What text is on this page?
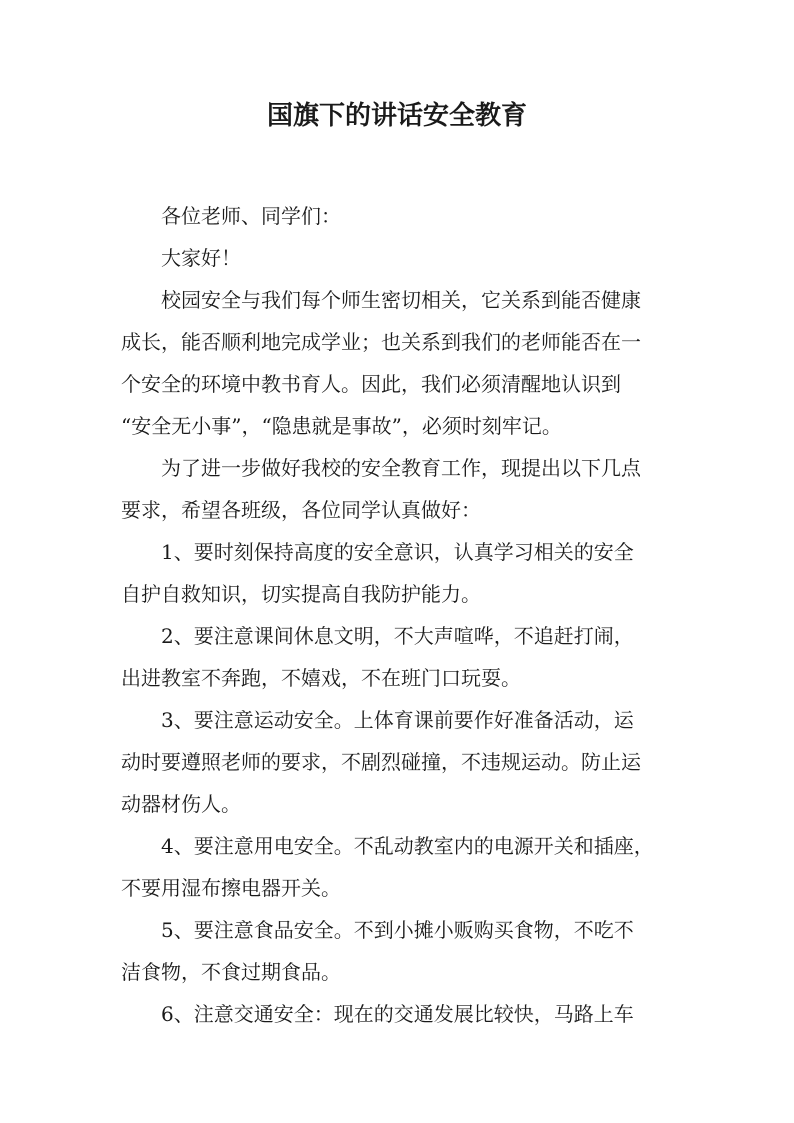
国旗下的讲话安全教育

各位老师、同学们：

大家好！

校园安全与我们每个师生密切相关，它关系到能否健康

成长，能否顺利地完成学业；也关系到我们的老师能否在一

个安全的环境中教书育人。因此，我们必须清醒地认识到

“安全无小事”，“隐患就是事故”，必须时刻牢记。

为了进一步做好我校的安全教育工作，现提出以下几点

要求，希望各班级，各位同学认真做好：

1、要时刻保持高度的安全意识，认真学习相关的安全

自护自救知识，切实提高自我防护能力。

2、要注意课间休息文明，不大声喧哗，不追赶打闹，

出进教室不奔跑，不嬉戏，不在班门口玩耍。

3、要注意运动安全。上体育课前要作好准备活动，运

动时要遵照老师的要求，不剧烈碰撞，不违规运动。防止运

动器材伤人。

4、要注意用电安全。不乱动教室内的电源开关和插座，

不要用湿布擦电器开关。

5、要注意食品安全。不到小摊小贩购买食物，不吃不

洁食物，不食过期食品。

6、注意交通安全：现在的交通发展比较快，马路上车
